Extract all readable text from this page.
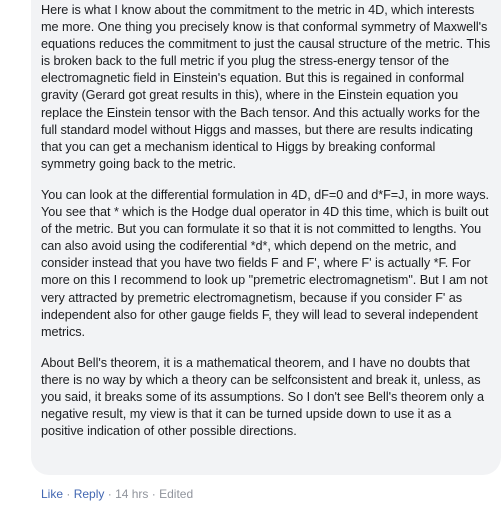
Here is what I know about the commitment to the metric in 4D, which interests me more. One thing you precisely know is that conformal symmetry of Maxwell's equations reduces the commitment to just the causal structure of the metric. This is broken back to the full metric if you plug the stress-energy tensor of the electromagnetic field in Einstein's equation. But this is regained in conformal gravity (Gerard got great results in this), where in the Einstein equation you replace the Einstein tensor with the Bach tensor. And this actually works for the full standard model without Higgs and masses, but there are results indicating that you can get a mechanism identical to Higgs by breaking conformal symmetry going back to the metric.

You can look at the differential formulation in 4D, dF=0 and d*F=J, in more ways. You see that * which is the Hodge dual operator in 4D this time, which is built out of the metric. But you can formulate it so that it is not committed to lengths. You can also avoid using the codiferential *d*, which depend on the metric, and consider instead that you have two fields F and F', where F' is actually *F. For more on this I recommend to look up "premetric electromagnetism". But I am not very attracted by premetric electromagnetism, because if you consider F' as independent also for other gauge fields F, they will lead to several independent metrics.

About Bell's theorem, it is a mathematical theorem, and I have no doubts that there is no way by which a theory can be selfconsistent and break it, unless, as you said, it breaks some of its assumptions. So I don't see Bell's theorem only a negative result, my view is that it can be turned upside down to use it as a positive indication of other possible directions.

Like · Reply · 14 hrs · Edited
